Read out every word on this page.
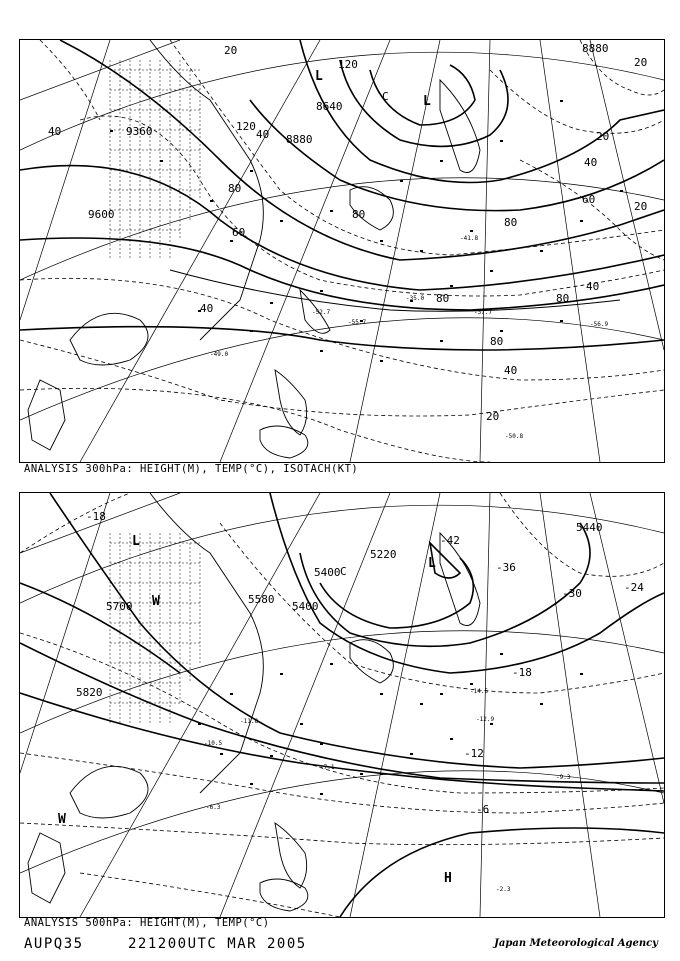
-50.8
-55.7
-37.7
-56.9
-52.7
-35.0
-41.8
-49.0
9360
9600
8880
8640
8880
20
40
60
80
120
120
40
80
80
80
20
40
60
80
40
20
20
20
80
40
40
L
C
L
ANALYSIS 300hPa: HEIGHT(M), TEMP(°C), ISOTACH(KT)
-7.1
-9.3
-10.5
-11.8	-12.9
-14.5
-2.3
-6.3
5700
5820
5580
5400
5220
5440
5400
-18
-42
-24
-30
-18
-12
-6
-36
L
W
C
L
W
H
ANALYSIS 500hPa: HEIGHT(M), TEMP(°C)
AUPQ35	221200UTC MAR 2005	Japan Meteorological Agency
